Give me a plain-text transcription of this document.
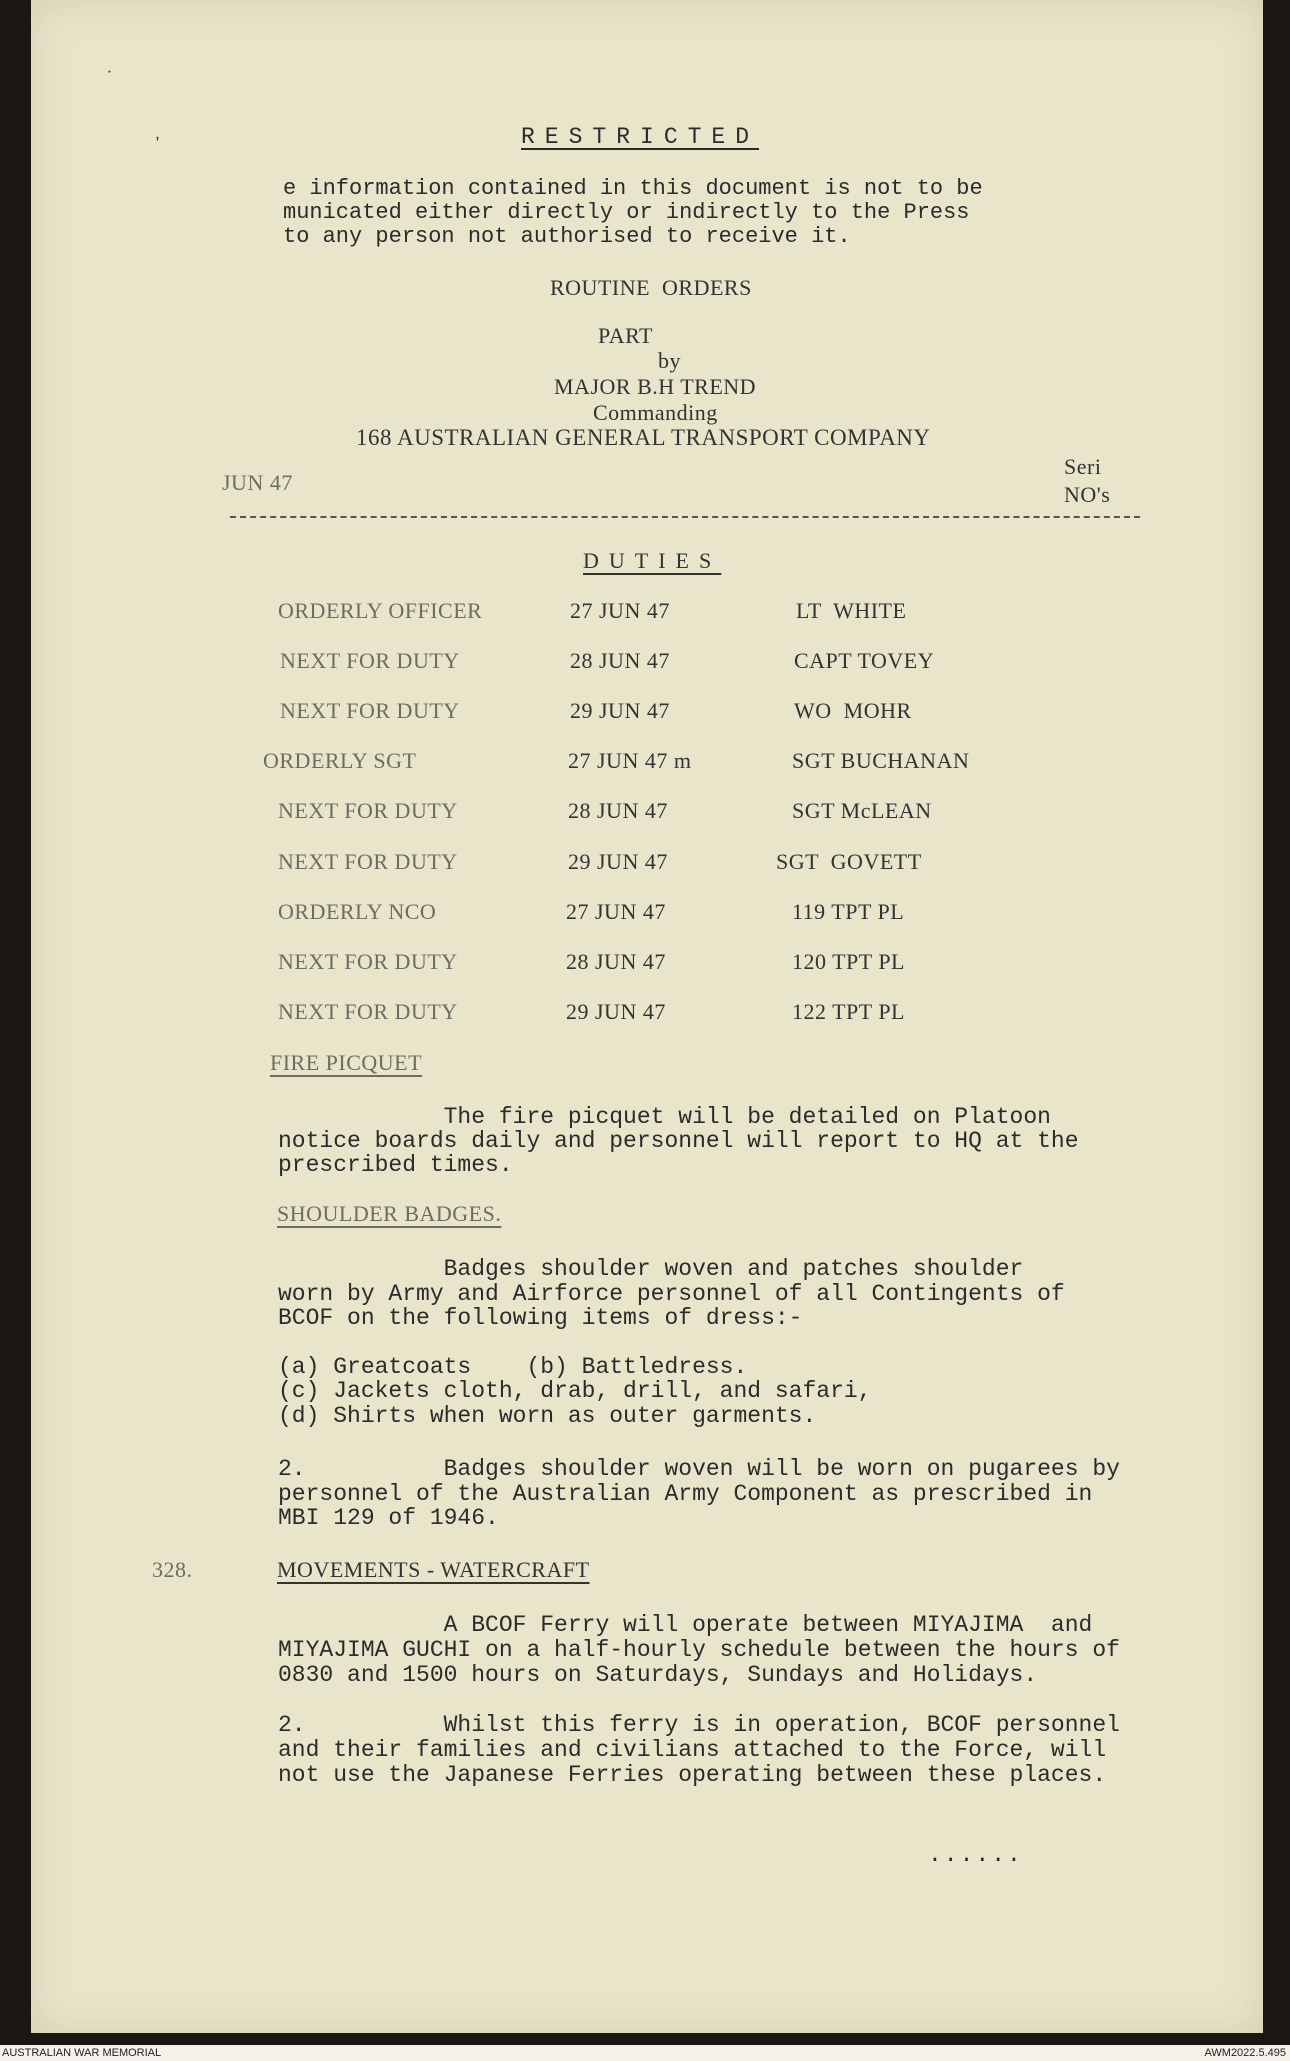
RESTRICTED
e information contained in this document is not to be
municated either directly or indirectly to the Press
to any person not authorised to receive it.
ROUTINE  ORDERS
PART
by
MAJOR B.H TREND
Commanding
168 AUSTRALIAN GENERAL TRANSPORT COMPANY
JUN 47
Seri
NO's
DUTIES
ORDERLY OFFICER	27 JUN 47	LT  WHITE
NEXT FOR DUTY	28 JUN 47	CAPT TOVEY
NEXT FOR DUTY	29 JUN 47	WO  MOHR
ORDERLY SGT	27 JUN 47 m	SGT BUCHANAN
NEXT FOR DUTY	28 JUN 47	SGT McLEAN
NEXT FOR DUTY	29 JUN 47	SGT  GOVETT
ORDERLY NCO	27 JUN 47	119 TPT PL
NEXT FOR DUTY	28 JUN 47	120 TPT PL
NEXT FOR DUTY	29 JUN 47	122 TPT PL
FIRE PICQUET
The fire picquet will be detailed on Platoon
notice boards daily and personnel will report to HQ at the
prescribed times.
SHOULDER BADGES.
Badges shoulder woven and patches shoulder
worn by Army and Airforce personnel of all Contingents of
BCOF on the following items of dress:-
(a) Greatcoats    (b) Battledress.
(c) Jackets cloth, drab, drill, and safari,
(d) Shirts when worn as outer garments.
2.          Badges shoulder woven will be worn on pugarees by
personnel of the Australian Army Component as prescribed in
MBI 129 of 1946.
328.	MOVEMENTS - WATERCRAFT
A BCOF Ferry will operate between MIYAJIMA  and
MIYAJIMA GUCHI on a half-hourly schedule between the hours of
0830 and 1500 hours on Saturdays, Sundays and Holidays.
2.          Whilst this ferry is in operation, BCOF personnel
and their families and civilians attached to the Force, will
not use the Japanese Ferries operating between these places.
......
˙
ʼ
AUSTRALIAN WAR MEMORIAL	AWM2022.5.495
